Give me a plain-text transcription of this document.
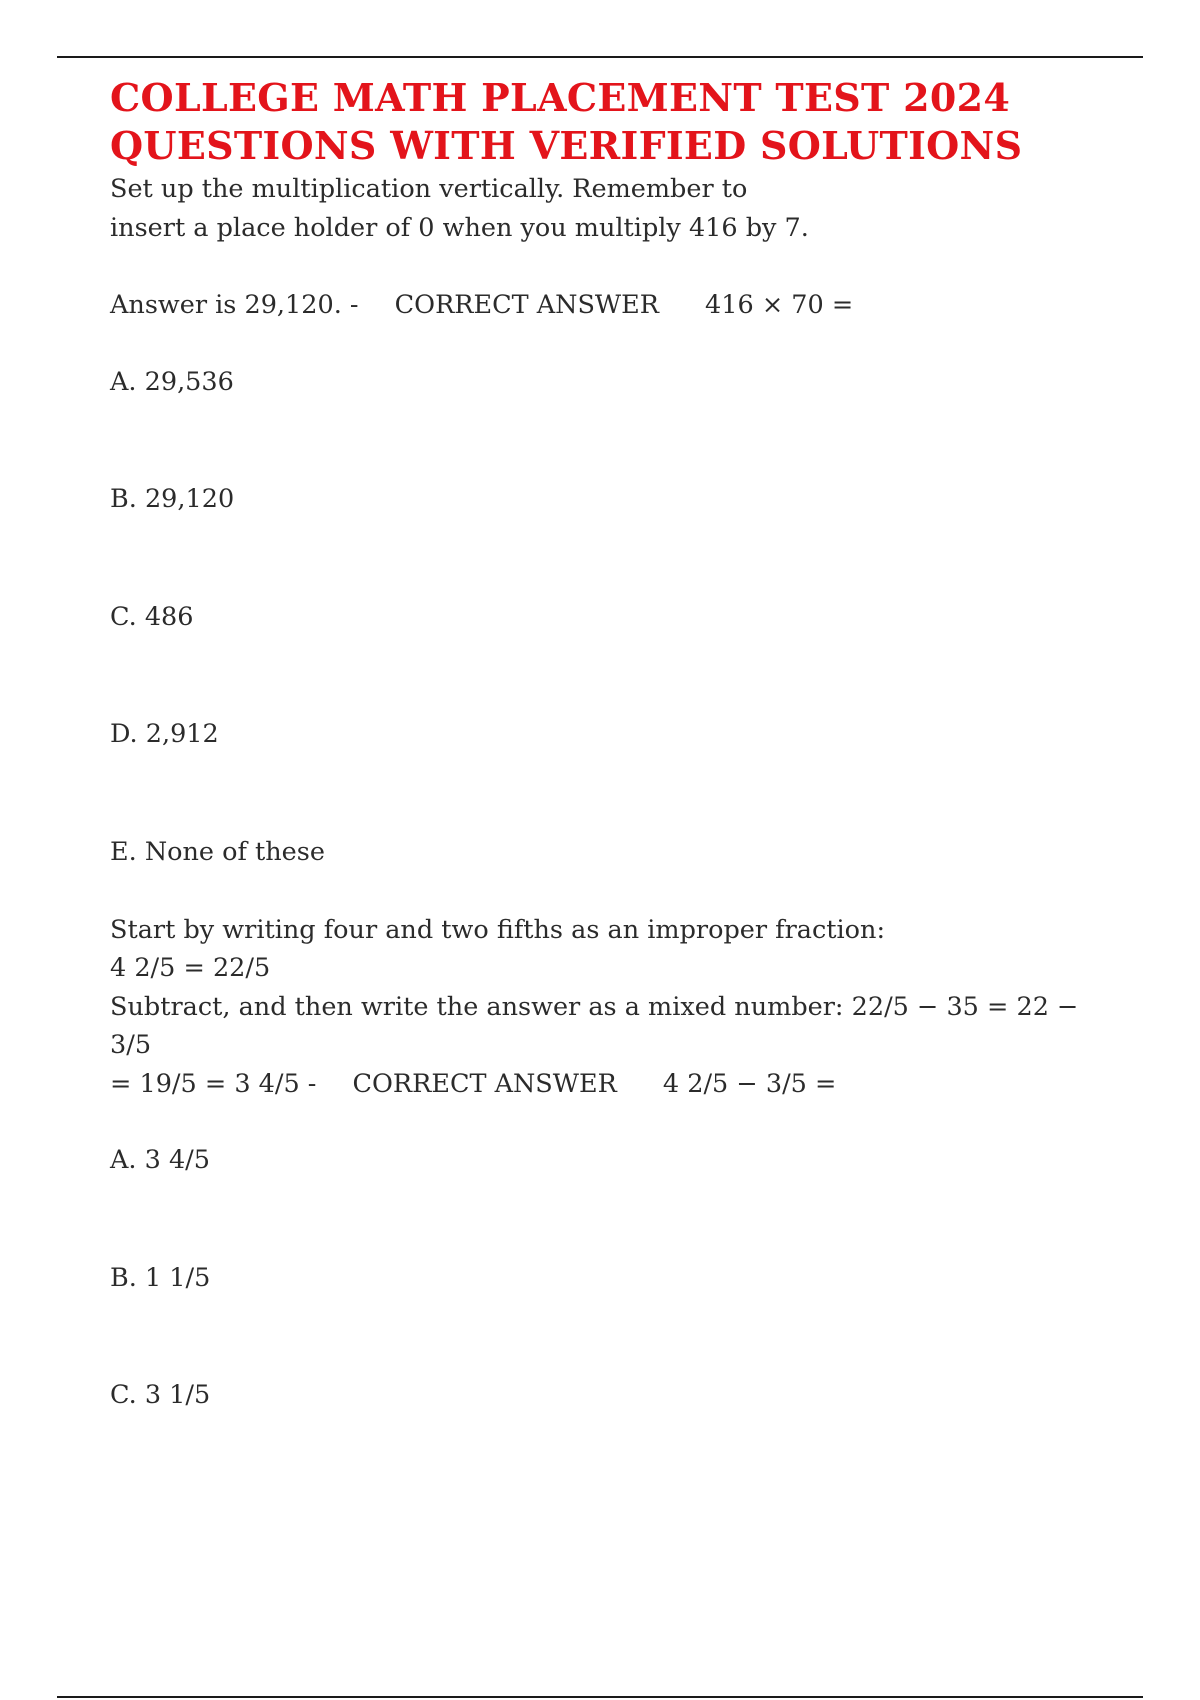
COLLEGE MATH PLACEMENT TEST 2024
QUESTIONS WITH VERIFIED SOLUTIONS

Set up the multiplication vertically. Remember to

insert a place holder of 0 when you multiply 416 by 7.

Answer is 29,120. - CORRECT ANSWER 416 × 70 =

A. 29,536
B. 29,120
C. 486
D. 2,912
E. None of these

Start by writing four and two fifths as an improper fraction:

4 2/5 = 22/5

Subtract, and then write the answer as a mixed number: 22/5 − 35 = 22 − 3/5

= 19/5 = 3 4/5 - CORRECT ANSWER 4 2/5 − 3/5 =

A. 3 4/5
B. 1 1/5
C. 3 1/5
